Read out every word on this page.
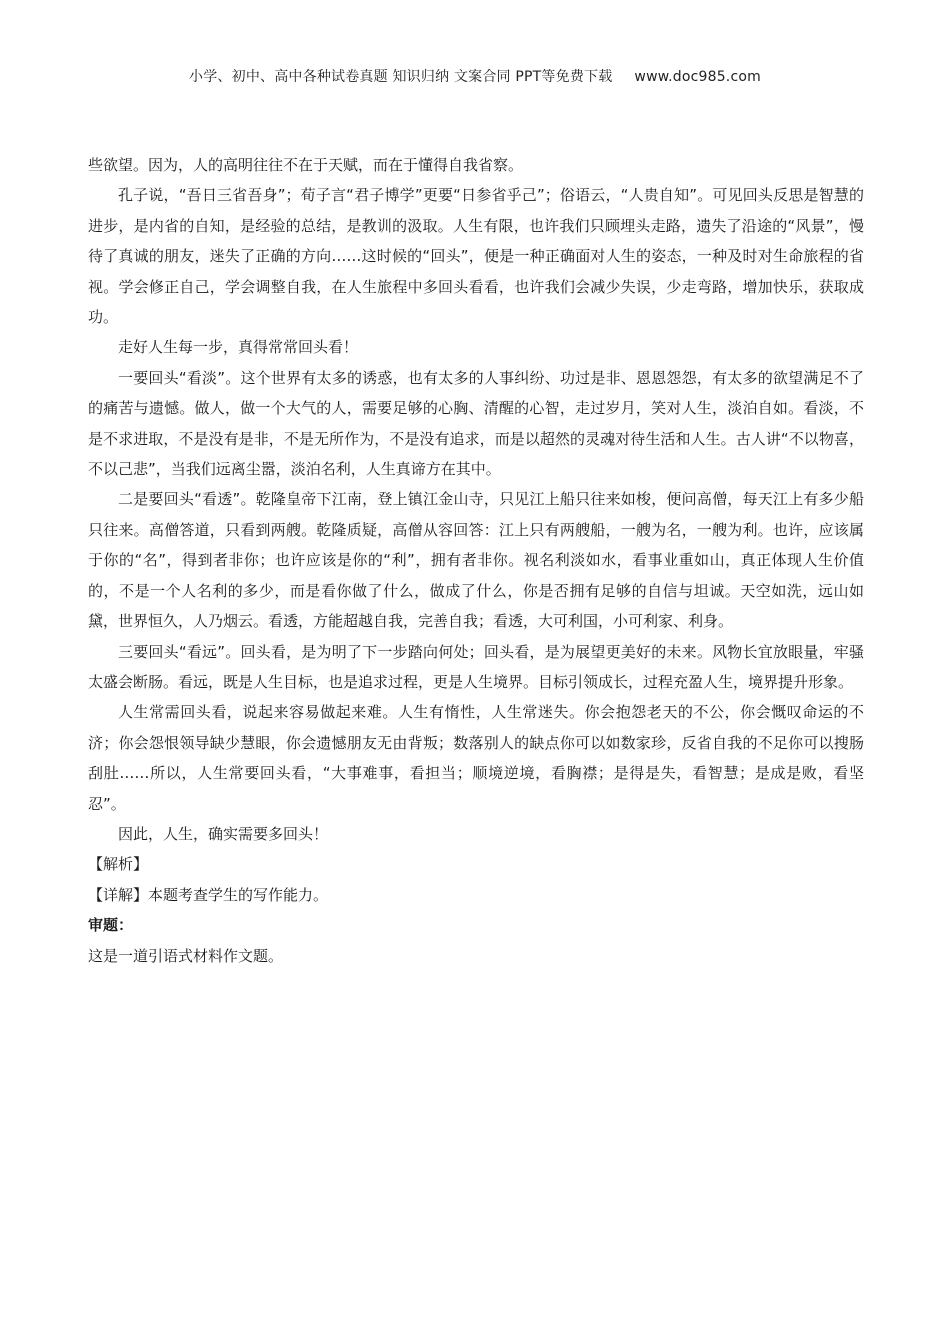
小学、初中、高中各种试卷真题 知识归纳 文案合同 PPT等免费下载 www.doc985.com

些欲望。因为，人的高明往往不在于天赋，而在于懂得自我省察。

孔子说，“吾日三省吾身”；荀子言“君子博学”更要“日参省乎己”；俗语云，“人贵自知”。可见回头反思是智慧的进步，是内省的自知，是经验的总结，是教训的汲取。人生有限，也许我们只顾埋头走路，遗失了沿途的“风景”，慢待了真诚的朋友，迷失了正确的方向……这时候的“回头”，便是一种正确面对人生的姿态，一种及时对生命旅程的省视。学会修正自己，学会调整自我，在人生旅程中多回头看看，也许我们会减少失误，少走弯路，增加快乐，获取成功。

走好人生每一步，真得常常回头看！

一要回头“看淡”。这个世界有太多的诱惑，也有太多的人事纠纷、功过是非、恩恩怨怨，有太多的欲望满足不了的痛苦与遗憾。做人，做一个大气的人，需要足够的心胸、清醒的心智，走过岁月，笑对人生，淡泊自如。看淡，不是不求进取，不是没有是非，不是无所作为，不是没有追求，而是以超然的灵魂对待生活和人生。古人讲“不以物喜，不以己悲”，当我们远离尘嚣，淡泊名利，人生真谛方在其中。

二是要回头“看透”。乾隆皇帝下江南，登上镇江金山寺，只见江上船只往来如梭，便问高僧，每天江上有多少船只往来。高僧答道，只看到两艘。乾隆质疑，高僧从容回答：江上只有两艘船，一艘为名，一艘为利。也许，应该属于你的“名”，得到者非你；也许应该是你的“利”，拥有者非你。视名利淡如水，看事业重如山，真正体现人生价值的，不是一个人名利的多少，而是看你做了什么，做成了什么，你是否拥有足够的自信与坦诚。天空如洗，远山如黛，世界恒久，人乃烟云。看透，方能超越自我，完善自我；看透，大可利国，小可利家、利身。

三要回头“看远”。回头看，是为明了下一步踏向何处；回头看，是为展望更美好的未来。风物长宜放眼量，牢骚太盛会断肠。看远，既是人生目标，也是追求过程，更是人生境界。目标引领成长，过程充盈人生，境界提升形象。

人生常需回头看，说起来容易做起来难。人生有惰性，人生常迷失。你会抱怨老天的不公，你会慨叹命运的不济；你会怨恨领导缺少慧眼，你会遗憾朋友无由背叛；数落别人的缺点你可以如数家珍，反省自我的不足你可以搜肠刮肚……所以，人生常要回头看，“大事难事，看担当；顺境逆境，看胸襟；是得是失，看智慧；是成是败，看坚忍”。

因此，人生，确实需要多回头！

【解析】

【详解】本题考查学生的写作能力。

审题：

这是一道引语式材料作文题。
